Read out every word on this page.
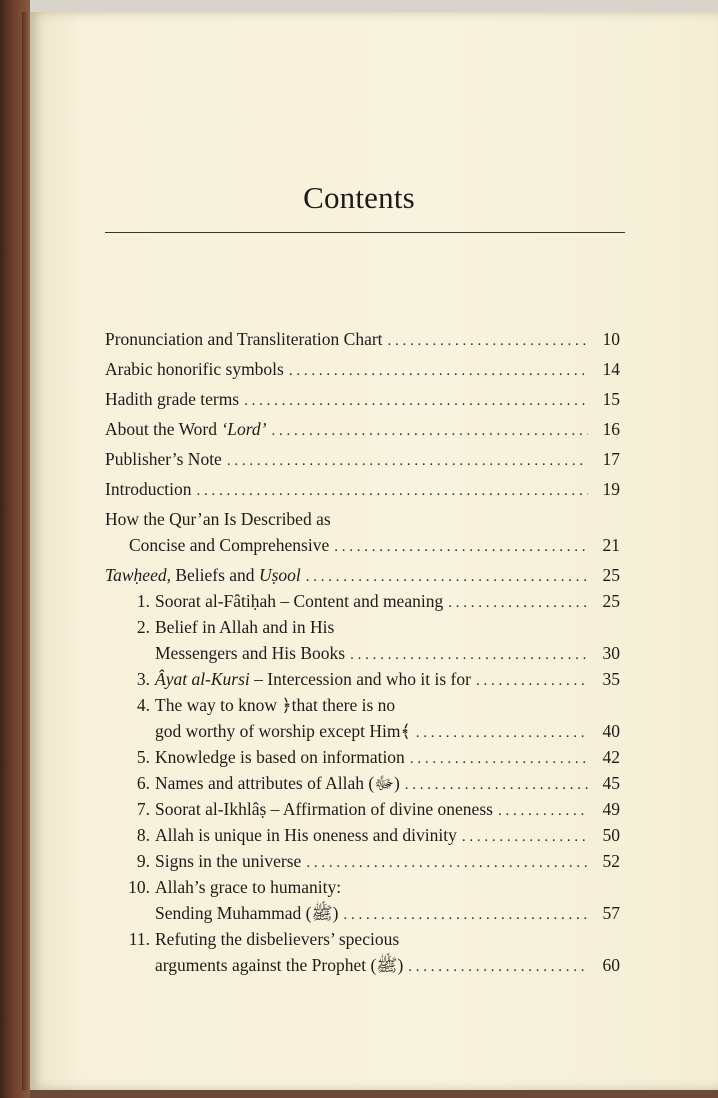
Contents
Pronunciation and Transliteration Chart . . .	10
Arabic honorific symbols . . .	14
Hadith grade terms . . .	15
About the Word ‘Lord’ . . .	16
Publisher’s Note . . .	17
Introduction . . .	19
How the Qur’an Is Described as
Concise and Comprehensive . . .	21
Tawḥeed, Beliefs and Uṣool . . .	25
1. Soorat al-Fâtiḥah – Content and meaning . . .	25
2. Belief in Allah and in His
Messengers and His Books . . .	30
3. Âyat al-Kursi – Intercession and who it is for . . .	35
4. The way to know ﴿that there is no
god worthy of worship except Him﴾ . . .	40
5. Knowledge is based on information . . .	42
6. Names and attributes of Allah (ﷻ) . . .	45
7. Soorat al-Ikhlâṣ – Affirmation of divine oneness . . .	49
8. Allah is unique in His oneness and divinity . . .	50
9. Signs in the universe . . .	52
10. Allah’s grace to humanity:
Sending Muhammad (ﷺ) . . .	57
11. Refuting the disbelievers’ specious
arguments against the Prophet (ﷺ) . . .	60
